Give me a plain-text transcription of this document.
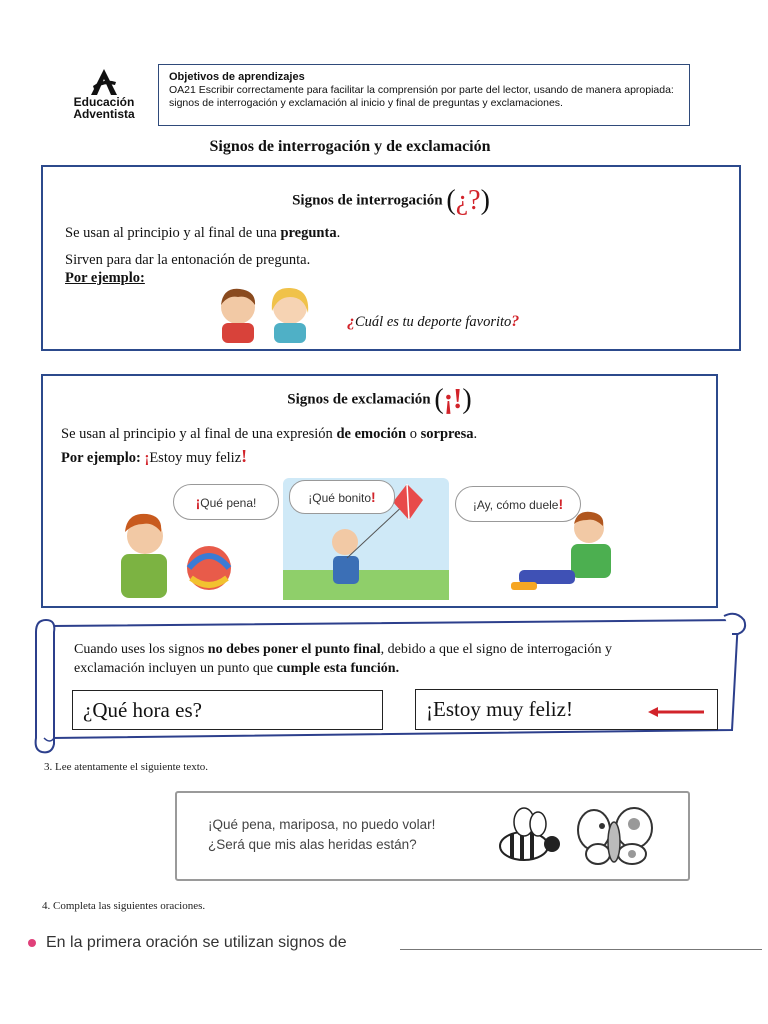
Educación
Adventista
Objetivos de aprendizajes
OA21 Escribir correctamente para facilitar la comprensión por parte del lector, usando de manera apropiada: signos de interrogación y exclamación al inicio y final de preguntas y exclamaciones.
Signos de interrogación y de exclamación
Signos de interrogación (¿?)
Se usan al principio y al final de una pregunta.
Sirven para dar la entonación de pregunta.
Por ejemplo:
¿Cuál es tu deporte favorito?
Signos de exclamación (¡!)
Se usan al principio y al final de una expresión de emoción o sorpresa.
Por ejemplo: ¡Estoy muy feliz!
¡Qué pena!	¡Qué bonito!	¡Ay, cómo duele!
Cuando uses los signos no debes poner el punto final, debido a que el signo de interrogación y exclamación incluyen un punto que cumple esta función.
¿Qué hora es?	¡Estoy muy feliz!
3. Lee atentamente el siguiente texto.
¡Qué pena, mariposa, no puedo volar!
¿Será que mis alas heridas están?
4. Completa las siguientes oraciones.
En la primera oración se utilizan signos de
